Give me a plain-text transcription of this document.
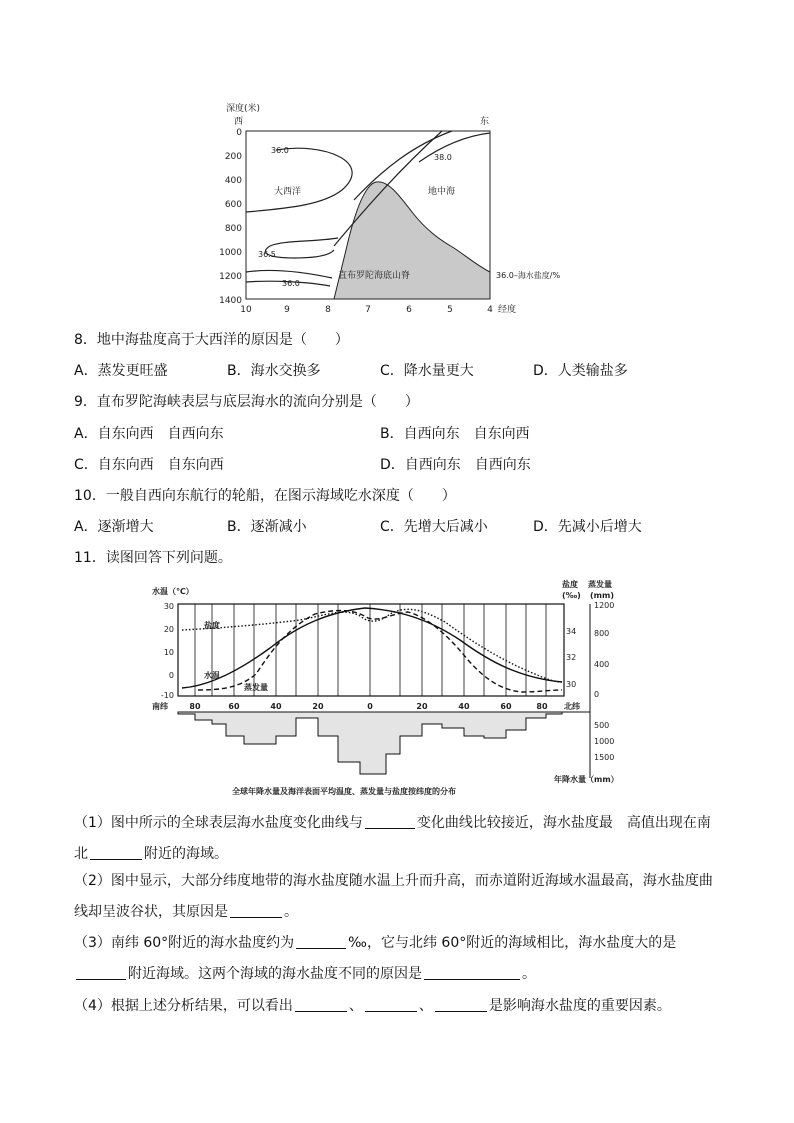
深度(米)
西	东
0
200
400
600
800
1000
1200
1400
10	9	8	7	6	5	4 经度
大西洋	地中海
直布罗陀海底山脊
36.0
38.0
36.5
36.0
36.0–海水盐度/%
8．地中海盐度高于大西洋的原因是（　　）
A．蒸发更旺盛	B．海水交换多	C．降水量更大	D．人类输盐多
9．直布罗陀海峡表层与底层海水的流向分别是（　　）
A．自东向西　自西向东	B．自西向东　自东向西
C．自东向西　自东向西	D．自西向东　自西向东
10．一般自西向东航行的轮船，在图示海域吃水深度（　　）
A．逐渐增大	B．逐渐减小	C．先增大后减小	D．先减小后增大
11．读图回答下列问题。
水温（℃）
盐度
(‰)
蒸发量
(mm)
30
20
10
0
-10
34
32
30
1200
800
400
0
盐度
水温
蒸发量
南纬	80	60	40	20	0	20	40	60	80 北纬
500
1000
1500
年降水量（mm）
全球年降水量及海洋表面平均温度、蒸发量与盐度按纬度的分布
（1）图中所示的全球表层海水盐度变化曲线与	变化曲线比较接近，海水盐度最　高值出现在南北	附近的海域。
（2）图中显示，大部分纬度地带的海水盐度随水温上升而升高，而赤道附近海域水温最高，海水盐度曲线却呈波谷状，其原因是	。
（3）南纬 60°附近的海水盐度约为	‰，它与北纬 60°附近的海域相比，海水盐度大的是附近海域。这两个海域的海水盐度不同的原因是	。
（4）根据上述分析结果，可以看出	、	、	是影响海水盐度的重要因素。
